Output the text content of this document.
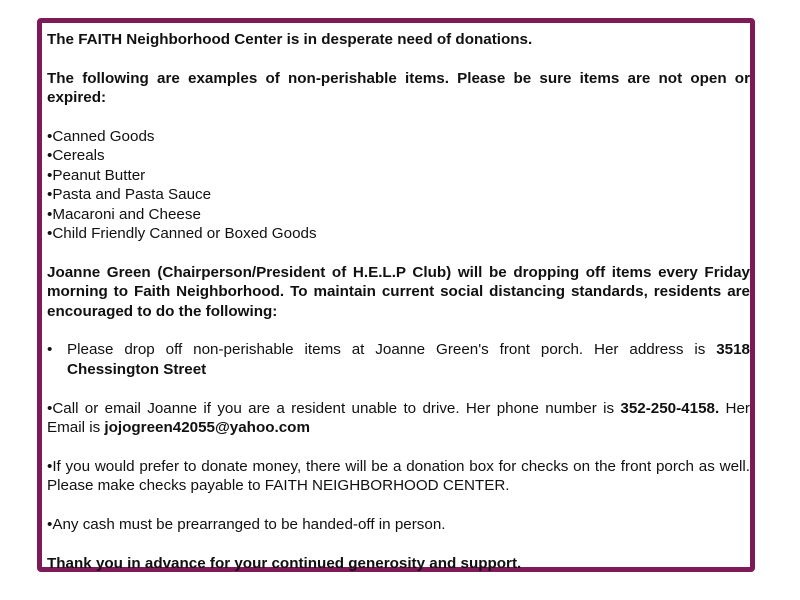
The FAITH Neighborhood Center is in desperate need of donations.

The following are examples of non-perishable items. Please be sure items are not open or expired:

•Canned Goods

•Cereals

•Peanut Butter

•Pasta and Pasta Sauce

•Macaroni and Cheese

•Child Friendly Canned or Boxed Goods

Joanne Green (Chairperson/President of H.E.L.P Club) will be dropping off items every Friday morning to Faith Neighborhood. To maintain current social distancing standards, residents are encouraged to do the following:

• Please drop off non-perishable items at Joanne Green's front porch. Her address is 3518 Chessington Street

•Call or email Joanne if you are a resident unable to drive. Her phone number is 352-250-4158. Her Email is jojogreen42055@yahoo.com

•If you would prefer to donate money, there will be a donation box for checks on the front porch as well. Please make checks payable to FAITH NEIGHBORHOOD CENTER.

•Any cash must be prearranged to be handed-off in person.

Thank you in advance for your continued generosity and support.
